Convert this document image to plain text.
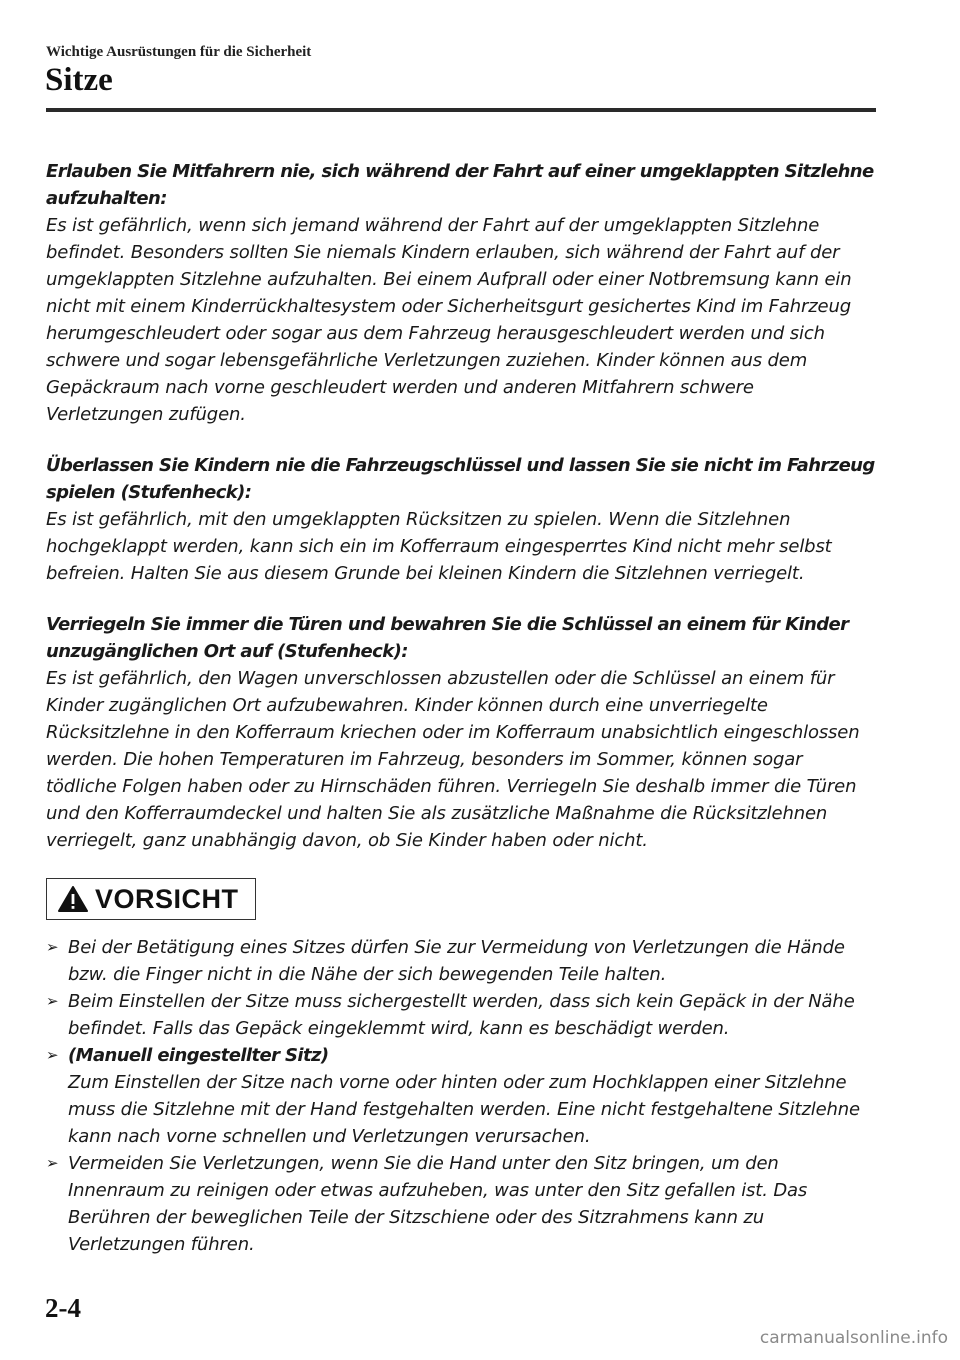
Wichtige Ausrüstungen für die Sicherheit
Sitze
Erlauben Sie Mitfahrern nie, sich während der Fahrt auf einer umgeklappten Sitzlehne aufzuhalten:
Es ist gefährlich, wenn sich jemand während der Fahrt auf der umgeklappten Sitzlehne befindet. Besonders sollten Sie niemals Kindern erlauben, sich während der Fahrt auf der umgeklappten Sitzlehne aufzuhalten. Bei einem Aufprall oder einer Notbremsung kann ein nicht mit einem Kinderrückhaltesystem oder Sicherheitsgurt gesichertes Kind im Fahrzeug herumgeschleudert oder sogar aus dem Fahrzeug herausgeschleudert werden und sich schwere und sogar lebensgefährliche Verletzungen zuziehen. Kinder können aus dem Gepäckraum nach vorne geschleudert werden und anderen Mitfahrern schwere Verletzungen zufügen.
Überlassen Sie Kindern nie die Fahrzeugschlüssel und lassen Sie sie nicht im Fahrzeug spielen (Stufenheck):
Es ist gefährlich, mit den umgeklappten Rücksitzen zu spielen. Wenn die Sitzlehnen hochgeklappt werden, kann sich ein im Kofferraum eingesperrtes Kind nicht mehr selbst befreien. Halten Sie aus diesem Grunde bei kleinen Kindern die Sitzlehnen verriegelt.
Verriegeln Sie immer die Türen und bewahren Sie die Schlüssel an einem für Kinder unzugänglichen Ort auf (Stufenheck):
Es ist gefährlich, den Wagen unverschlossen abzustellen oder die Schlüssel an einem für Kinder zugänglichen Ort aufzubewahren. Kinder können durch eine unverriegelte Rücksitzlehne in den Kofferraum kriechen oder im Kofferraum unabsichtlich eingeschlossen werden. Die hohen Temperaturen im Fahrzeug, besonders im Sommer, können sogar tödliche Folgen haben oder zu Hirnschäden führen. Verriegeln Sie deshalb immer die Türen und den Kofferraumdeckel und halten Sie als zusätzliche Maßnahme die Rücksitzlehnen verriegelt, ganz unabhängig davon, ob Sie Kinder haben oder nicht.
VORSICHT
➢ Bei der Betätigung eines Sitzes dürfen Sie zur Vermeidung von Verletzungen die Hände bzw. die Finger nicht in die Nähe der sich bewegenden Teile halten.
➢ Beim Einstellen der Sitze muss sichergestellt werden, dass sich kein Gepäck in der Nähe befindet. Falls das Gepäck eingeklemmt wird, kann es beschädigt werden.
➢ (Manuell eingestellter Sitz)
Zum Einstellen der Sitze nach vorne oder hinten oder zum Hochklappen einer Sitzlehne muss die Sitzlehne mit der Hand festgehalten werden. Eine nicht festgehaltene Sitzlehne kann nach vorne schnellen und Verletzungen verursachen.
➢ Vermeiden Sie Verletzungen, wenn Sie die Hand unter den Sitz bringen, um den Innenraum zu reinigen oder etwas aufzuheben, was unter den Sitz gefallen ist. Das Berühren der beweglichen Teile der Sitzschiene oder des Sitzrahmens kann zu Verletzungen führen.
2-4
carmanualsonline.info
